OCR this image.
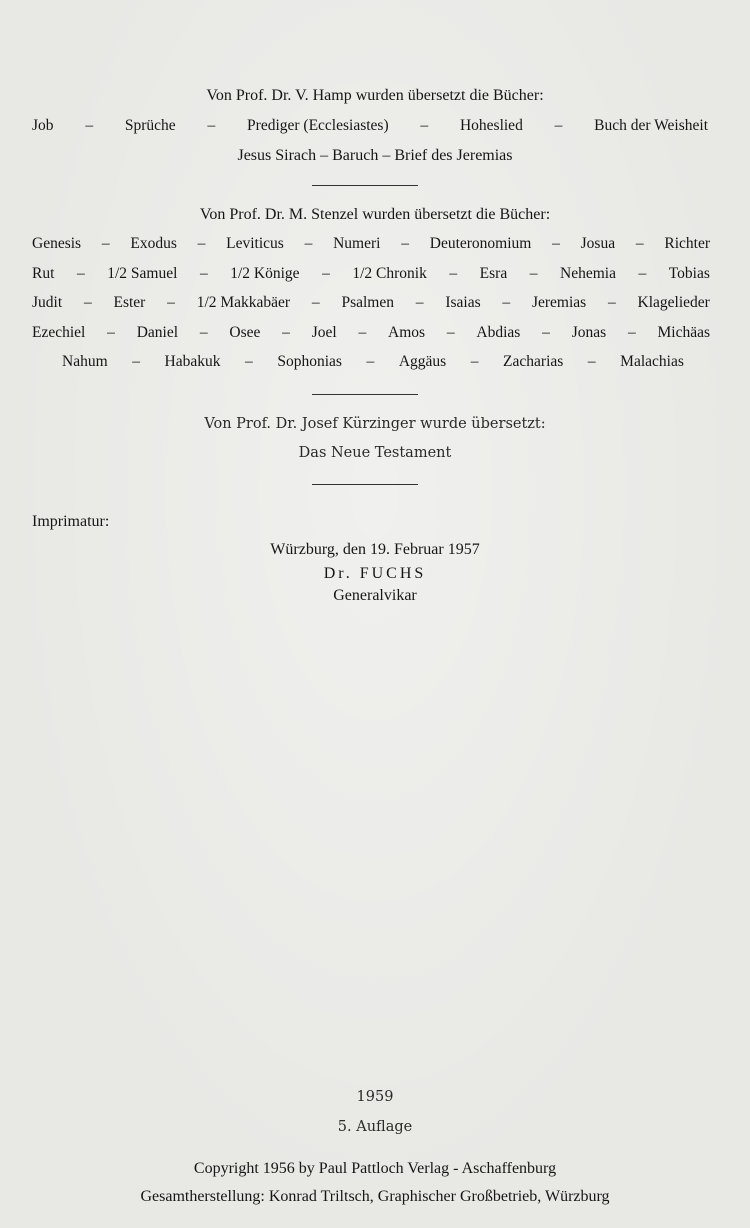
Von Prof. Dr. V. Hamp wurden übersetzt die Bücher:
Job – Sprüche – Prediger (Ecclesiastes) – Hoheslied – Buch der Weisheit
Jesus Sirach – Baruch – Brief des Jeremias
Von Prof. Dr. M. Stenzel wurden übersetzt die Bücher:
Genesis – Exodus – Leviticus – Numeri – Deuteronomium – Josua – Richter
Rut – 1/2 Samuel – 1/2 Könige – 1/2 Chronik – Esra – Nehemia – Tobias
Judit – Ester – 1/2 Makkabäer – Psalmen – Isaias – Jeremias – Klagelieder
Ezechiel – Daniel – Osee – Joel – Amos – Abdias – Jonas – Michäas
Nahum – Habakuk – Sophonias – Aggäus – Zacharias – Malachias
Von Prof. Dr. Josef Kürzinger wurde übersetzt:
Das Neue Testament
Imprimatur:
Würzburg, den 19. Februar 1957
Dr. FUCHS
Generalvikar
1959
5. Auflage
Copyright 1956 by Paul Pattloch Verlag - Aschaffenburg
Gesamtherstellung: Konrad Triltsch, Graphischer Großbetrieb, Würzburg
